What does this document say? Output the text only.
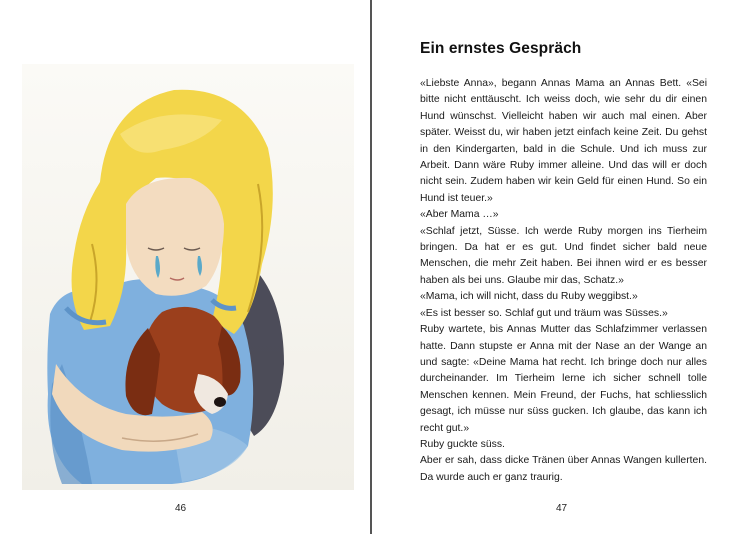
46
Ein ernstes Gespräch

«Liebste Anna», begann Annas Mama an Annas Bett. «Sei bitte nicht enttäuscht. Ich weiss doch, wie sehr du dir einen Hund wünschst. Vielleicht haben wir auch mal einen. Aber später. Weisst du, wir haben jetzt einfach keine Zeit. Du gehst in den Kindergarten, bald in die Schule. Und ich muss zur Arbeit. Dann wäre Ruby immer alleine. Und das will er doch nicht sein. Zudem haben wir kein Geld für einen Hund. So ein Hund ist teuer.»

«Aber Mama …»

«Schlaf jetzt, Süsse. Ich werde Ruby morgen ins Tierheim bringen. Da hat er es gut. Und findet sicher bald neue Menschen, die mehr Zeit haben. Bei ihnen wird er es besser haben als bei uns. Glaube mir das, Schatz.»

«Mama, ich will nicht, dass du Ruby weggibst.»

«Es ist besser so. Schlaf gut und träum was Süsses.»

Ruby wartete, bis Annas Mutter das Schlafzimmer verlassen hatte. Dann stupste er Anna mit der Nase an der Wange an und sagte: «Deine Mama hat recht. Ich bringe doch nur alles durcheinander. Im Tierheim lerne ich sicher schnell tolle Menschen kennen. Mein Freund, der Fuchs, hat schliesslich gesagt, ich müsse nur süss gucken. Ich glaube, das kann ich recht gut.»

Ruby guckte süss.

Aber er sah, dass dicke Tränen über Annas Wangen kullerten. Da wurde auch er ganz traurig.

47
